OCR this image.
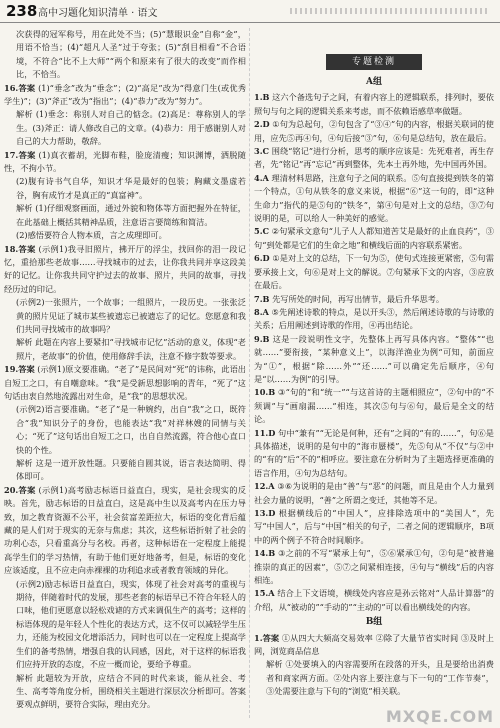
238 高中习题化知识清单 · 语文

次获得的冠军称号，用在此处不当；(5)“慧眼识金”自称“金”，用语不恰当；(4)“超凡人圣”过于夸张；(5)“刮目相看”不合语境，不符合“比不上大师”“两个和原来有了很大的改变”而作相比，不恰当。

16.答案 (1)“垂念”改为“垂念”；(2)“高足”改为“得意门生(或优秀学生)”；(3)“斧正”改为“指出”；(4)“恭力”改为“努力”。

解析 (1)垂念：称别人对自己的惦念。(2)高足：尊称别人的学生。(3)斧正：请人修改自己的文章。(4)恭力：用于感谢别人对自己的大力帮助，敬辞。

17.答案 (1)真衣蓄胡，光脚布鞋，脸庞清瘦；知识渊博，洒脱随性，不拘小节。

(2)腹有诗书气自华，知识才华是最好的包装；胸藏文墨虚若谷，胸有成竹才是真正的“真富神”。

解析 (1)仔细观察画面，通过外貌和物体等方面把握外在特征，在此基础上概括其精神品质，注意语言要简练和简洁。

(2)感悟要符合人物本质，言之成理即可。

18.答案 (示例1)我寻旧照片，拂开厅的浮尘，找回你的泪一段记忆，重拾那些老故事……寻找城市的过去，让你我共同并享这段美好的记忆。让你我共同守护过去的故事、照片，共同的故事，寻找经历过的印记。

(示例2)一张照片，一个故事；一组照片，一段历史。一张张泛黄的照片见证了城市某些被遗忘已被遗忘了的记忆。您愿意和我们共同寻找城市的故事吗？

解析 此题在内容上要紧扣“寻找城市记忆”活动的意义，体现“老照片，老故事”的价值，使用修辞手法，注意不修字数等要求。

19.答案 (示例1)原文要准确。“老了”是民间对“死”的讳称，此语出自短工之口，有自嘲意味。“我”是受新思想影响的青年，“死了”这句话由衷自然地流露出对生命，是“我”的思想状况。

(示例2)语言要准确。“老了”是一种婉约，出自“我”之口，既符合“我”知识分子的身份，也能表达“我”对祥林嫂的同情与关心；“死了”这句话出自短工之口，出自自然流露，符合他心直口快的个性。

解析 这是一道开放性题。只要能自圆其说，语言表达简明、得体即可。

20.答案 (示例1)高考励志标语日益直白，现实，是社会现实的反映。首先，励志标语的日益直白，这是高中生以及高考内在压力导致，加之教育资源不公平，社会贫富差距拉大，标语的变化背后蕴藏的是人们对于现实的无奈与焦虑；其次，这些标语折射了社会的功利心态，只看重高分与名校。再者，这种标语在一定程度上能提高学生们的学习热情，有助于他们更好地备考，但是，标语的变化应该适度，且不应走向赤裸裸的功利追求或者教育领域的异化。

(示例2)励志标语日益直白，现实，体现了社会对高考的重视与期待，伴随着时代的发展，那些老套的标语早已不符合年轻人的口味，他们更愿意以轻松戏谑的方式来调侃生产的高考；这样的标语体现的是年轻人个性化的表达方式，这不仅可以减轻学生压力，还能为校园文化增添活力，同时也可以在一定程度上提高学生们的备考热情，增强自我的认同感，因此，对于这样的标语我们应持开放的态度，不应一概而论，要给予尊重。

解析 此题较为开放，应结合不同的时代来谈，能从社会、考生、高考等角度分析，围绕相关主题进行深层次分析即可。答案要观点鲜明，要符合实际，理由充分。

专题检测
A组

1.B 这六个备选句子之间，有着内容上的逻辑联系，排列时，要依照句与句之间的逻辑关系来考虑，而不依赖语感草率做题。

2.D ①句为总起句，②句包含了“③④”句的内容，根据关联词的使用，应先⑤再④句，④句后接“③”句，⑥句是总结句，放在最后。

3.C 围绕“铭记”进行分析，思考的顺序应该是：先死难者，再生存者，先“铭记”再“忘记”再到整体，先本土再外地，先中国再外国。

4.A 理清材料思路，注意句子之间的联系。⑤句直接提到铁冬的第一个特点，①句从铁冬的意义来说，根据“⑥”这一句的，即“这种生命力”指代的是⑤句的“铁冬”，第④句是对上文的总结，③⑦句说明的是，可以给人一种美好的感觉。

5.C ②句紧承文意句“儿子人人都知道苦艾是最好的止血良药”，③句“到处都是它们的生命之地”和横线后面的内容联系紧密。

6.D ①是对上文的总结，下一句为⑤，使句式连接更紧密，⑤句需要承接上文，句⑥是对上文的解说。⑦句紧承下文的内容，③应放在最后。

7.B 先写所处的时间，再写出情节，最后升华思考。

8.A ⑤先阐述诗歌的特点，是以开头③，然后阐述诗歌的与诗歌的关系；后用阐述到诗歌的作用，④再出结论。

9.B 这是一段说明性文字，先整体上再写具体内容。“整体”“也就……”要衔接，“某种意义上”，以海洋渔业为例“可知，前面应为“①”，根据“除……外”“还……”可以确定先后顺序，④句是“以……为例”的引导。

10.B ③“句的”和“统一”“与这首诗的主题相照应”，②句中的“不须调”与“画扇漏……”相连，其次⑤句与⑥句，最后是全文的结论。

11.D 句中“兼有”“无论是何种，还有”之间的“有的……”，句⑥是具体描述，说明的是句中的“海市蜃楼”，先⑤句从“不仅”与②中的“有的”后“不的”相呼应。要注意在分析时为了主题选择更准确的语言作用，④句为总结句。

12.A ③⑥为说明的是由“善”与“恶”的问题，而且是由个人力量到社会力量的说明，“善”之所谓之变迁，其他等不足。

13.D 根据横线后的“中国人”，应排除选项中的“美国人”，先写“中国人”，后与“中国”相关的句子，二者之间的逻辑顺序，B项中的两个例子不符合时间顺序。

14.B ③之前的不写“紧承上句”，⑤⑥紧承①句，②句是“被普遍推崇的真正的因素”，⑤⑦之间紧相连接，④句与“横线”后的内容相连。

15.A 结合上下文语境，横线处内容应是孙云铭对“人品计算器”的介绍，从“被动的”“手动的”“主动的”可以看出横线处的内容。

B组

1.答案 ①从四大大频高交易效率 ②除了大量节省实时间 ③及时上网，浏览商品信息

解析 ①处要填入的内容需要所在段落的开头，且是要给出消费者和商家两方面。②处内容上要注意与下一句的“工作节奏”，③处需要注意与下句的“浏览”相关联。

MXQE.COM
